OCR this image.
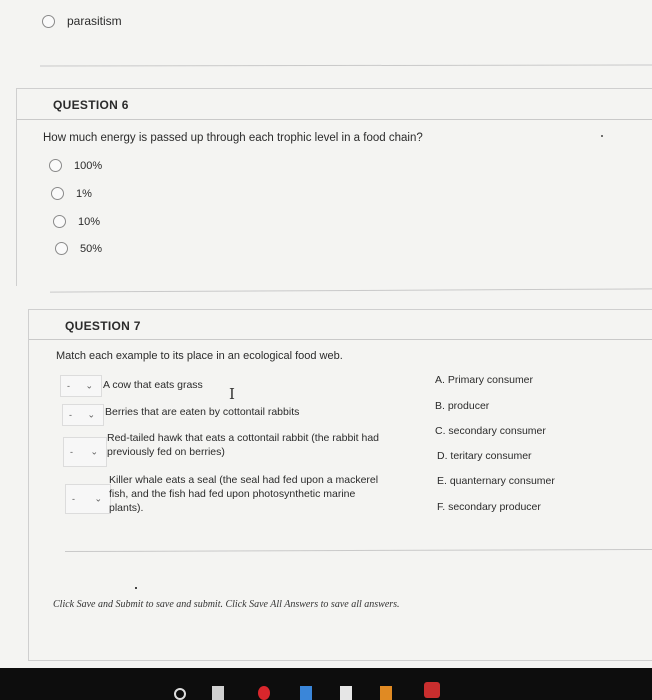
parasitism
QUESTION 6
How much energy is passed up through each trophic level in a food chain?
100%
1%
10%
50%
QUESTION 7
Match each example to its place in an ecological food web.
- ⌄ A cow that eats grass
- ⌄ Berries that are eaten by cottontail rabbits
I
- ⌄
Red-tailed hawk that eats a cottontail rabbit (the rabbit had
previously fed on berries)
- ⌄
Killer whale eats a seal (the seal had fed upon a mackerel
fish, and the fish had fed upon photosynthetic marine
plants).
A. Primary consumer
B. producer
C. secondary consumer
D. teritary consumer
E. quanternary consumer
F. secondary producer
Click Save and Submit to save and submit. Click Save All Answers to save all answers.
